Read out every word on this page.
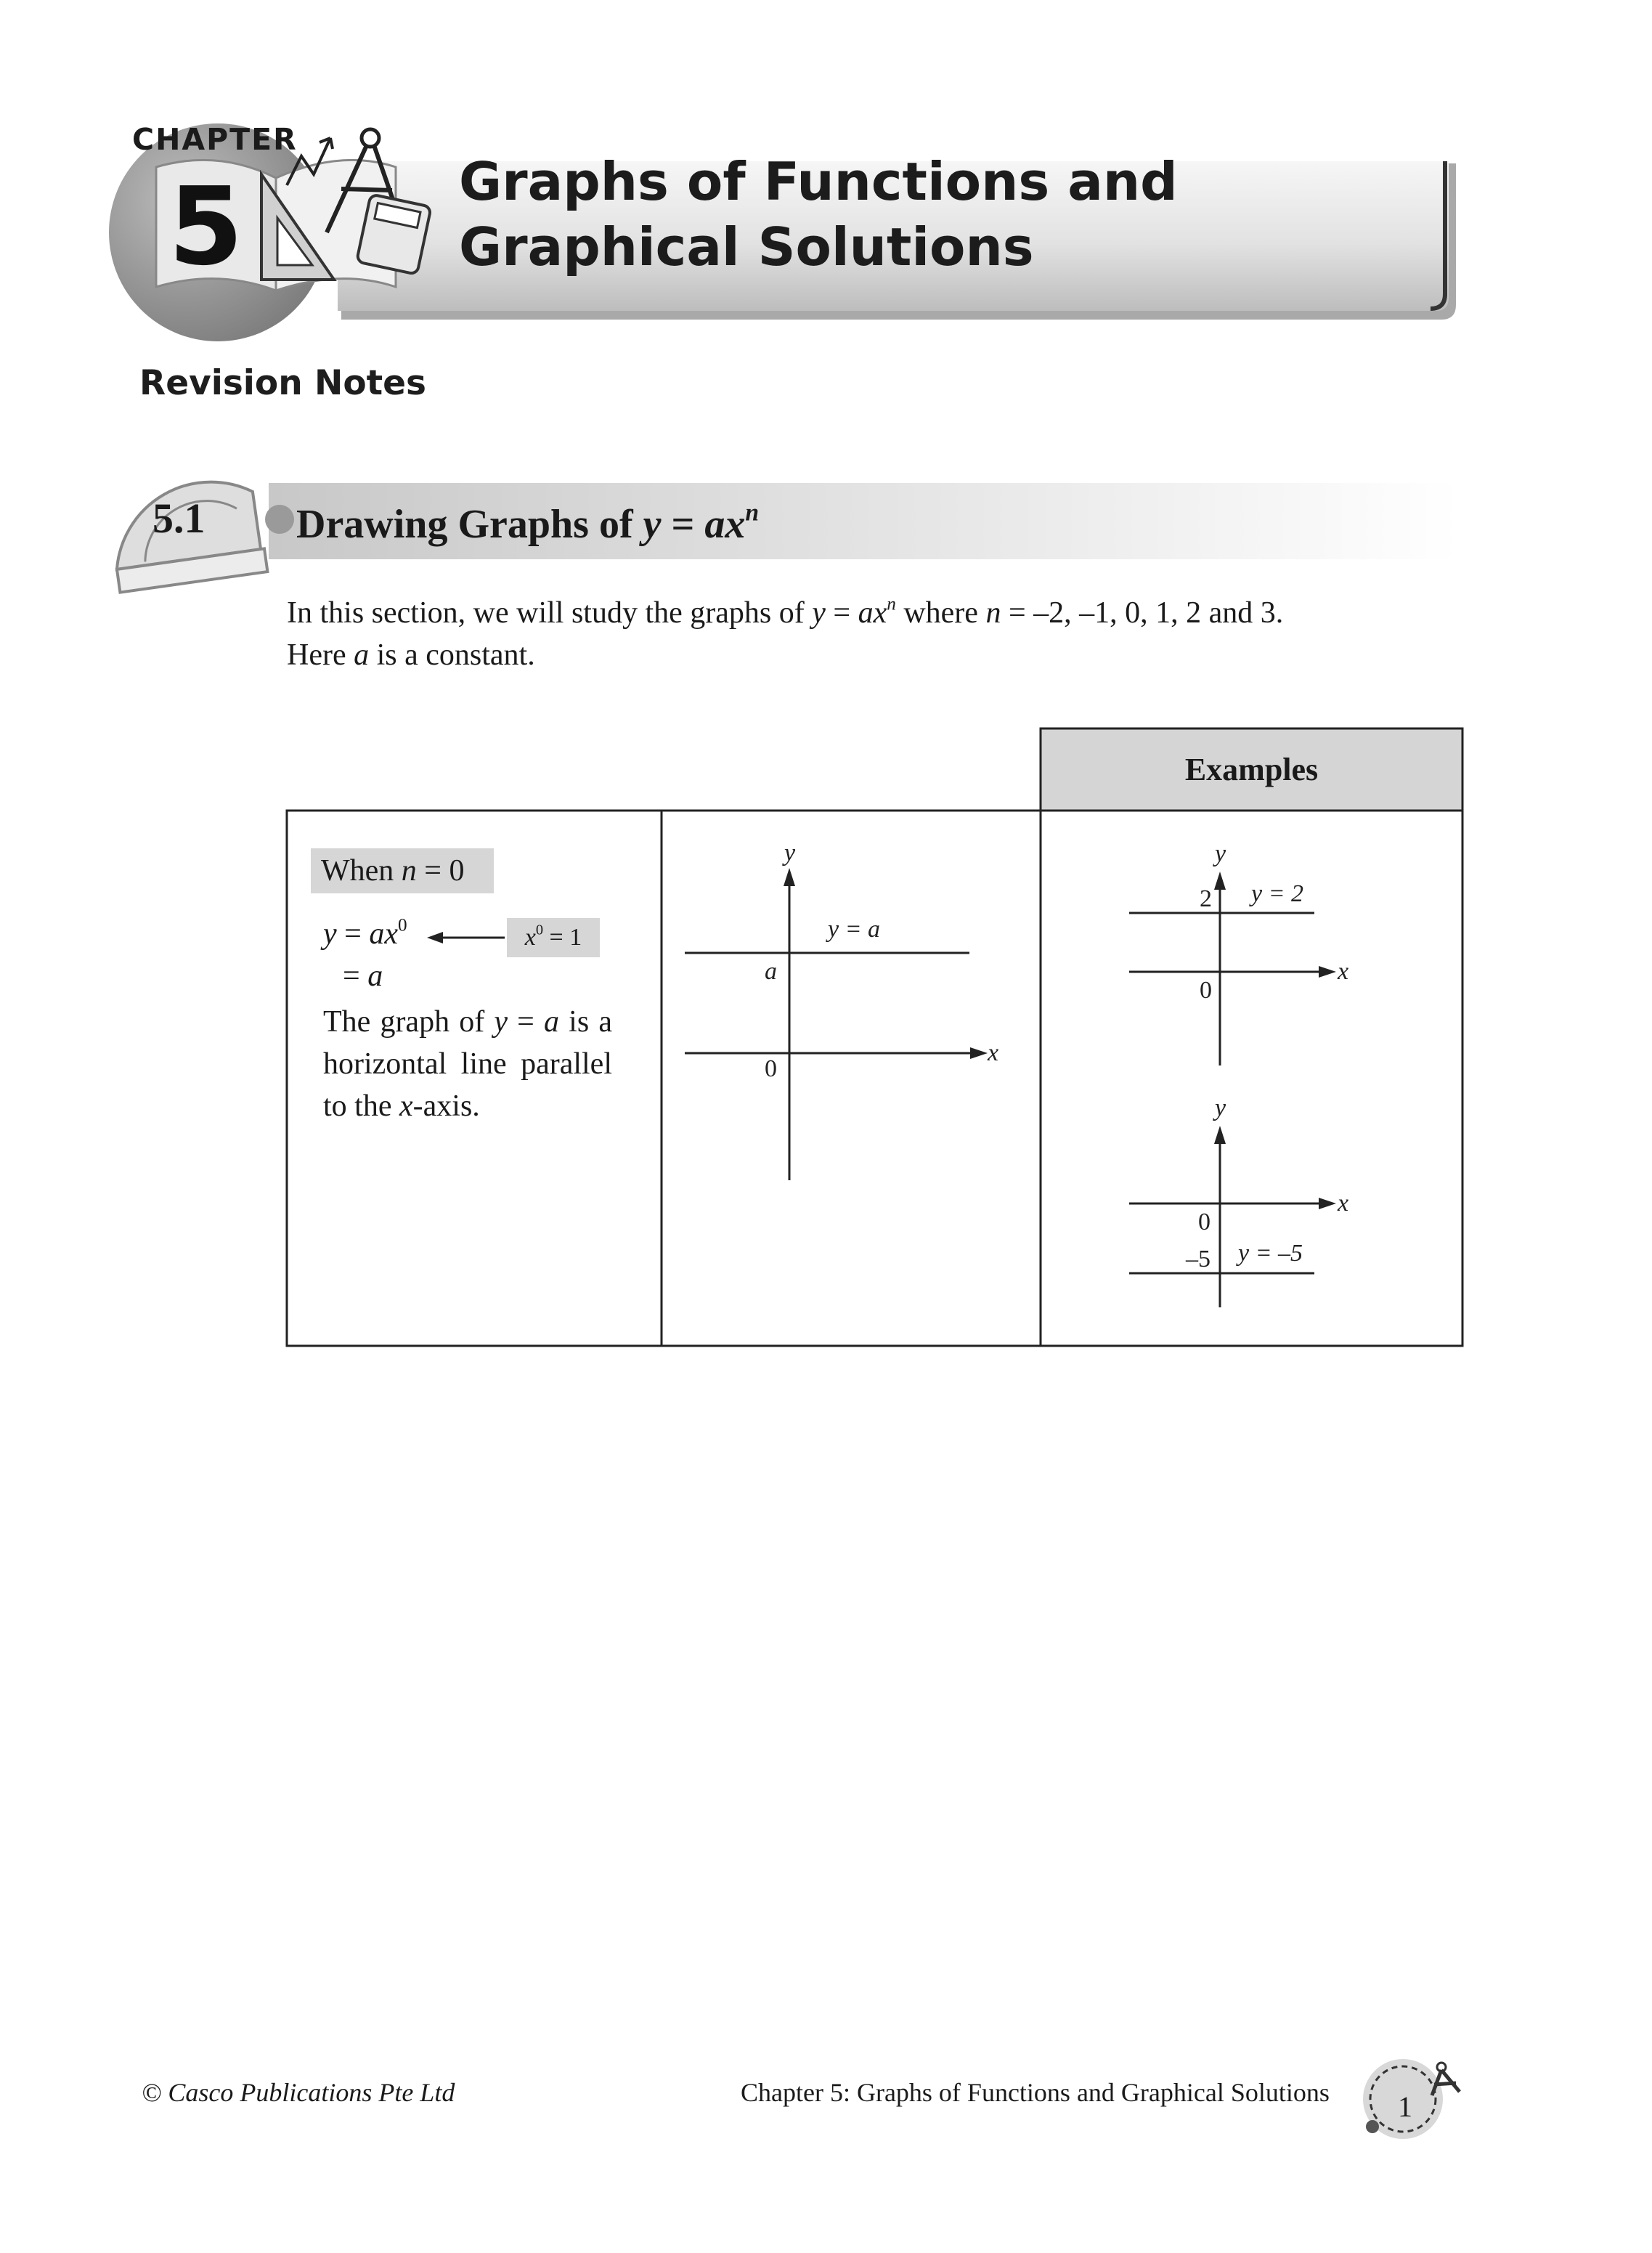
CHAPTER
5	Graphs of Functions and
Graphical Solutions
Revision Notes
5.1 Drawing Graphs of $y = ax^n$
In this section, we will study the graphs of $y = ax^n$ where n = –2, –1, 0, 1, 2 and 3.
Here a is a constant.
Examples
When n = 0
$y = ax^0$	$x^0 = 1$
= a
The graph of y = a is a horizontal line parallel to the x-axis.
y
x
0
a
y = a
y
x
0
2 y = 2
y
x
0
–5 y = –5
© Casco Publications Pte Ltd	Chapter 5: Graphs of Functions and Graphical Solutions 1
